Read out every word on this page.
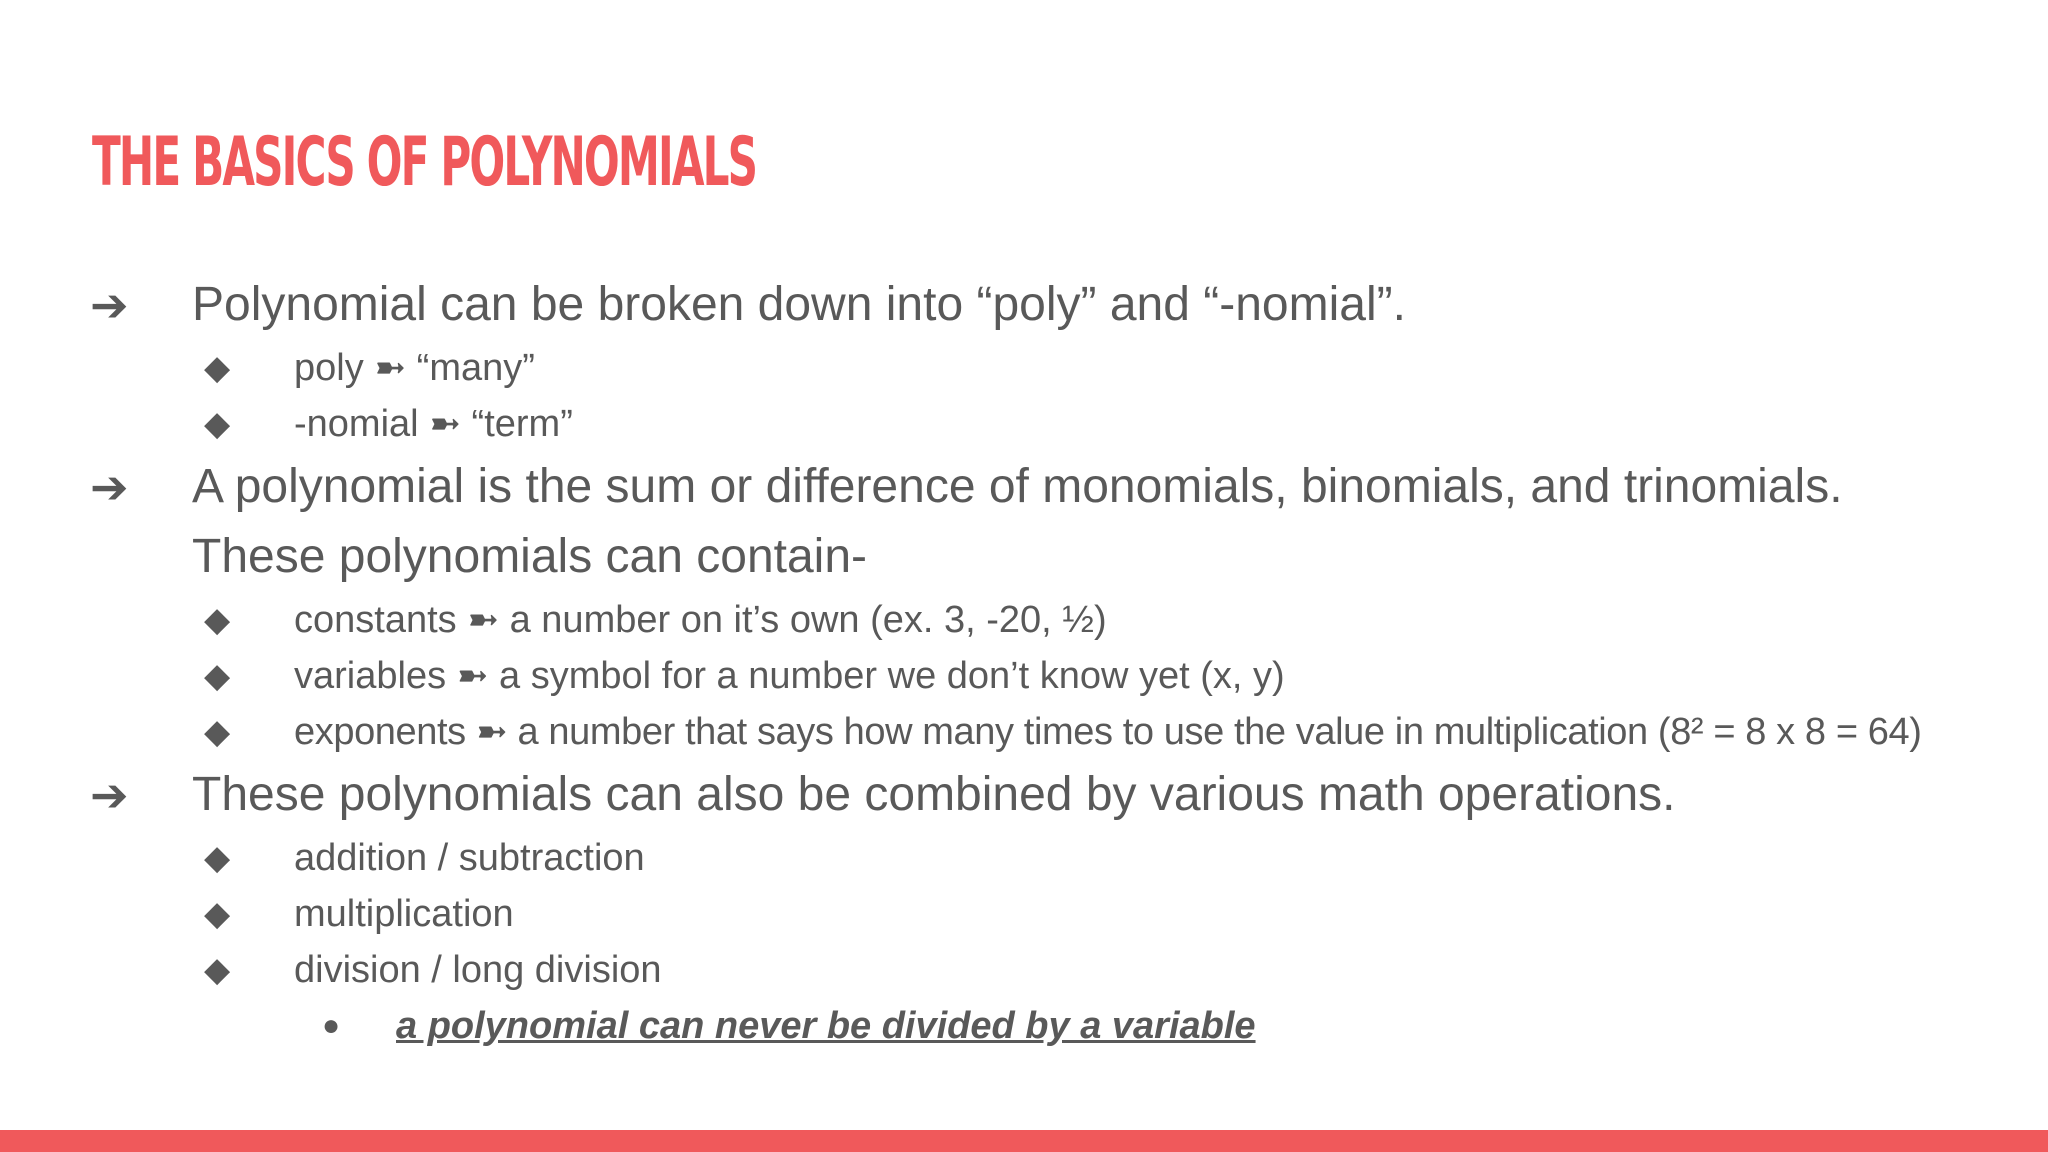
THE BASICS OF POLYNOMIALS
➔ Polynomial can be broken down into “poly” and “-nomial”.
◆ poly ➼ “many”
◆ -nomial ➼ “term”
➔ A polynomial is the sum or difference of monomials, binomials, and trinomials.
These polynomials can contain-
◆ constants ➼ a number on it’s own (ex. 3, -20, ½)
◆ variables ➼ a symbol for a number we don’t know yet (x, y)
◆ exponents ➼ a number that says how many times to use the value in multiplication (8² = 8 x 8 = 64)
➔ These polynomials can also be combined by various math operations.
◆ addition / subtraction
◆ multiplication
◆ division / long division
● a polynomial can never be divided by a variable
